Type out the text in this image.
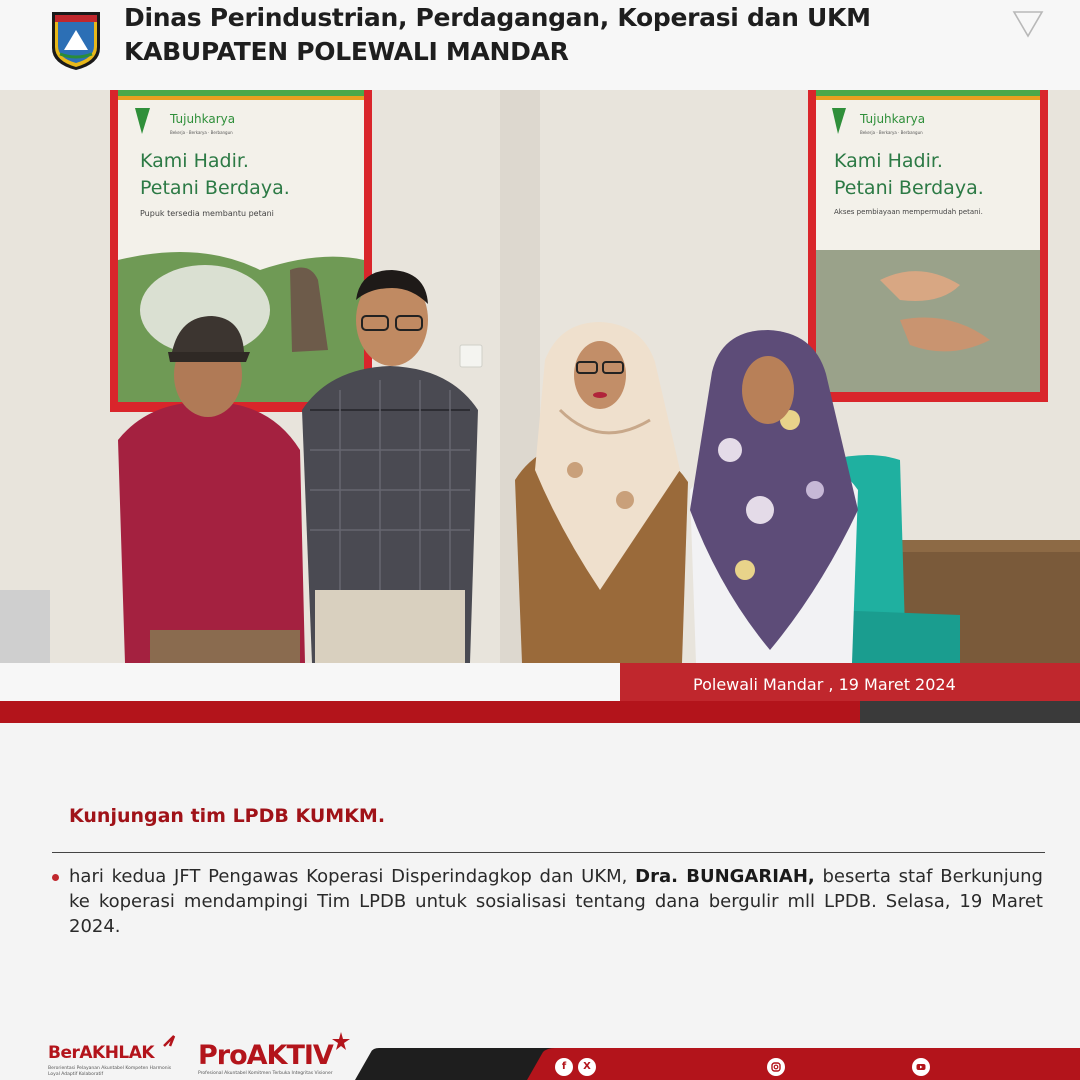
Dinas Perindustrian, Perdagangan, Koperasi dan UKM
KABUPATEN POLEWALI MANDAR
Tujuhkarya
Bekerja · Berkarya · Berbangun
Kami Hadir.
Petani Berdaya.
Pupuk tersedia membantu petani
Tujuhkarya
Bekerja · Berkarya · Berbangun
Kami Hadir.
Petani Berdaya.
Akses pembiayaan mempermudah petani.
Polewali Mandar , 19 Maret 2024
Kunjungan tim LPDB KUMKM.
hari kedua JFT Pengawas Koperasi Disperindagkop dan UKM, Dra. BUNGARIAH, beserta staf Berkunjung ke koperasi mendampingi Tim LPDB untuk sosialisasi tentang dana bergulir mll LPDB. Selasa, 19 Maret 2024.
BerAKHLAK
Berorientasi Pelayanan Akuntabel Kompeten Harmonis Loyal Adaptif Kolaboratif
ProAKTIV
Profesional Akuntabel Komitmen Terbuka Integritas Visioner
f	X
